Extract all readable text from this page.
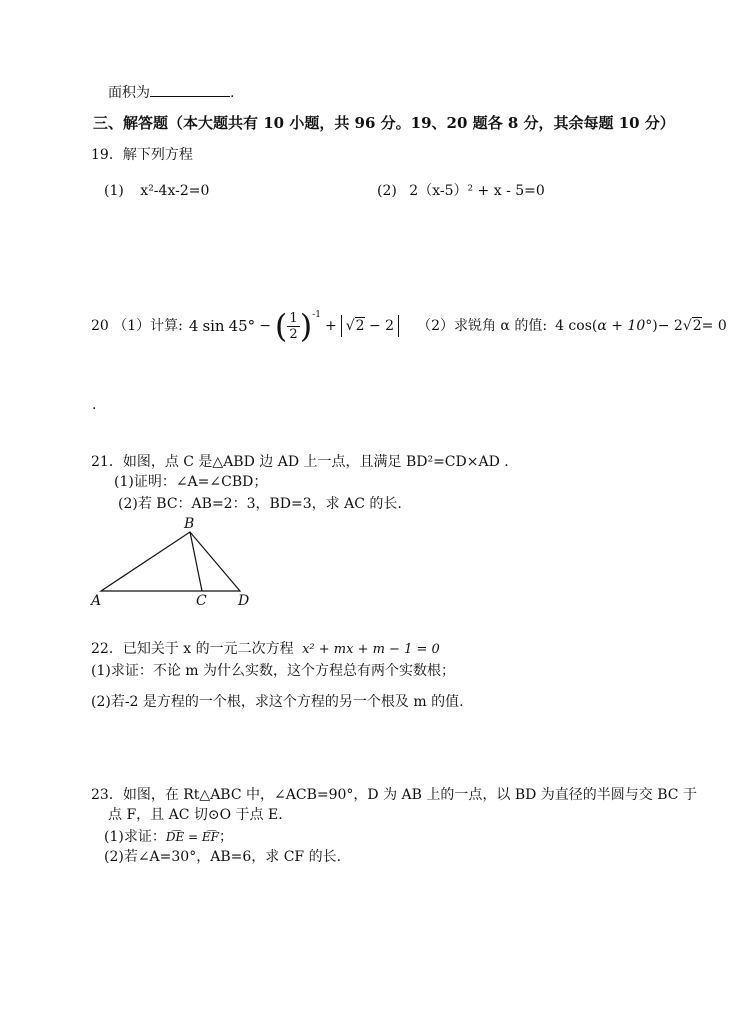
面积为	.
三、解答题（本大题共有 10 小题，共 96 分。19、20 题各 8 分，其余每题 10 分）
19．解下列方程
(1) x²-4x-2=0	(2) 2（x-5）² + x - 5=0
20 （1）计算: 4 sin 45° − ( $\frac{1}{2} )^{-1}$
+ √2 − 2	（2）求锐角 α 的值: 4 cos ( α + 10° ) − 2 √2 = 0
.
21．如图，点 C 是△ABD 边 AD 上一点，且满足 BD²=CD×AD .
(1)证明：∠A=∠CBD；
(2)若 BC：AB=2：3，BD=3，求 AC 的长.
A
B
C D
22．已知关于 x 的一元二次方程 x² + mx + m − 1 = 0
(1)求证：不论 m 为什么实数，这个方程总有两个实数根；
(2)若-2 是方程的一个根，求这个方程的另一个根及 m 的值.
23．如图，在 Rt△ABC 中，∠ACB=90°，D 为 AB 上的一点，以 BD 为直径的半圆与交 BC 于
点 F，且 AC 切⊙O 于点 E.
(1)求证：D͡E = E͡F；
(2)若∠A=30°，AB=6，求 CF 的长.
